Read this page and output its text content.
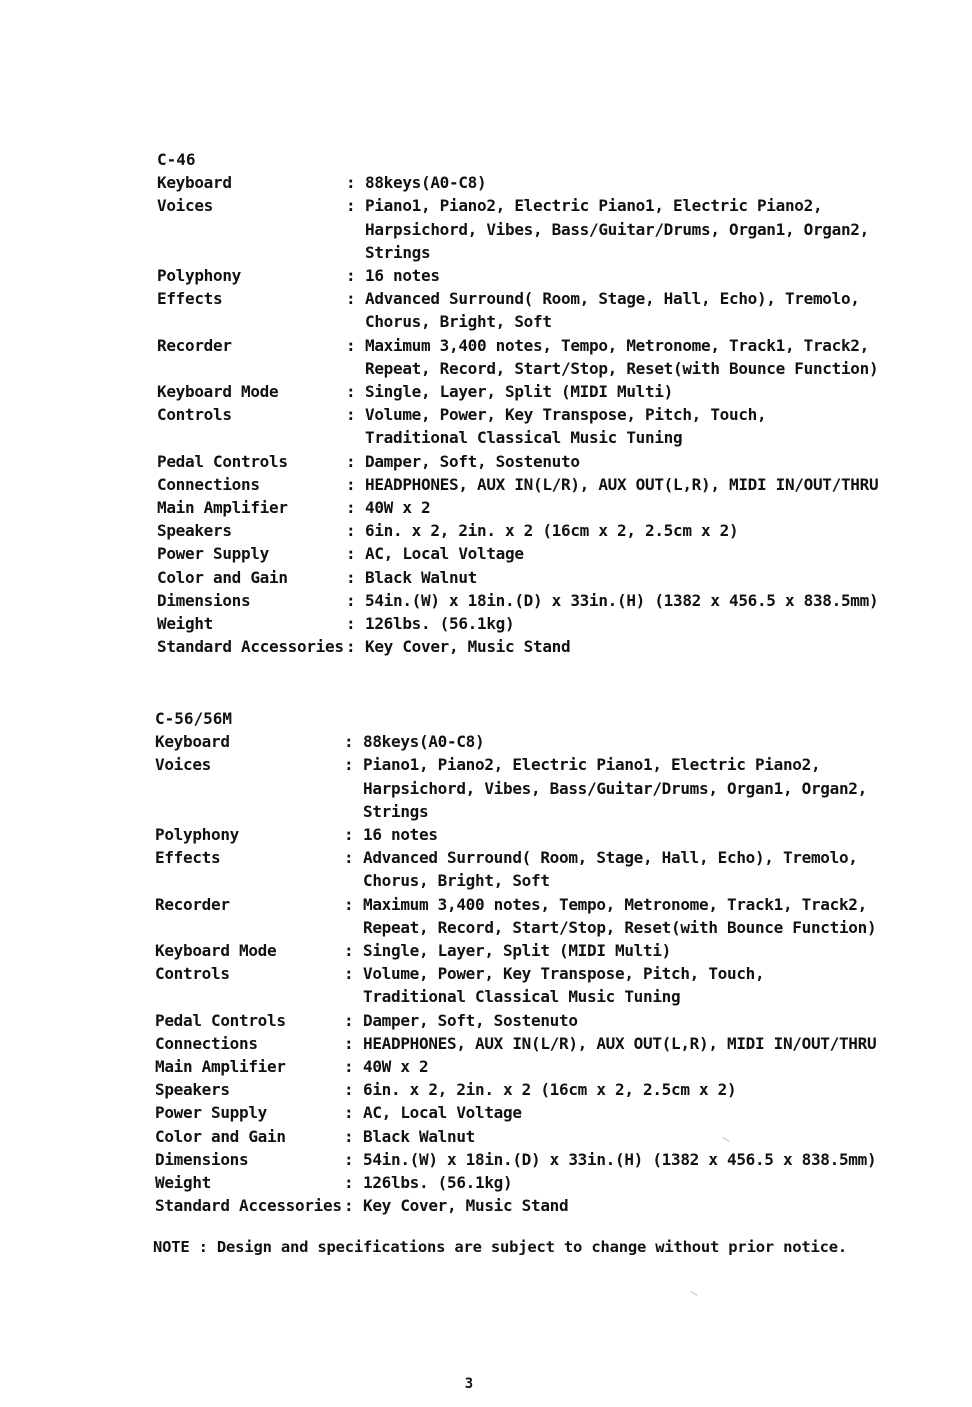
C-46
Keyboard	: 88keys(A0-C8)
Voices	: Piano1, Piano2, Electric Piano1, Electric Piano2,
Harpsichord, Vibes, Bass/Guitar/Drums, Organ1, Organ2,
Strings
Polyphony	: 16 notes
Effects	: Advanced Surround( Room, Stage, Hall, Echo), Tremolo,
Chorus, Bright, Soft
Recorder	: Maximum 3,400 notes, Tempo, Metronome, Track1, Track2,
Repeat, Record, Start/Stop, Reset(with Bounce Function)
Keyboard Mode	: Single, Layer, Split (MIDI Multi)
Controls	: Volume, Power, Key Transpose, Pitch, Touch,
Traditional Classical Music Tuning
Pedal Controls	: Damper, Soft, Sostenuto
Connections	: HEADPHONES, AUX IN(L/R), AUX OUT(L,R), MIDI IN/OUT/THRU
Main Amplifier	: 40W x 2
Speakers	: 6in. x 2, 2in. x 2 (16cm x 2, 2.5cm x 2)
Power Supply	: AC, Local Voltage
Color and Gain	: Black Walnut
Dimensions	: 54in.(W) x 18in.(D) x 33in.(H) (1382 x 456.5 x 838.5mm)
Weight	: 126lbs. (56.1kg)
Standard Accessories : Key Cover, Music Stand
C-56/56M
Keyboard	: 88keys(A0-C8)
Voices	: Piano1, Piano2, Electric Piano1, Electric Piano2,
Harpsichord, Vibes, Bass/Guitar/Drums, Organ1, Organ2,
Strings
Polyphony	: 16 notes
Effects	: Advanced Surround( Room, Stage, Hall, Echo), Tremolo,
Chorus, Bright, Soft
Recorder	: Maximum 3,400 notes, Tempo, Metronome, Track1, Track2,
Repeat, Record, Start/Stop, Reset(with Bounce Function)
Keyboard Mode	: Single, Layer, Split (MIDI Multi)
Controls	: Volume, Power, Key Transpose, Pitch, Touch,
Traditional Classical Music Tuning
Pedal Controls	: Damper, Soft, Sostenuto
Connections	: HEADPHONES, AUX IN(L/R), AUX OUT(L,R), MIDI IN/OUT/THRU
Main Amplifier	: 40W x 2
Speakers	: 6in. x 2, 2in. x 2 (16cm x 2, 2.5cm x 2)
Power Supply	: AC, Local Voltage
Color and Gain	: Black Walnut
Dimensions	: 54in.(W) x 18in.(D) x 33in.(H) (1382 x 456.5 x 838.5mm)
Weight	: 126lbs. (56.1kg)
Standard Accessories : Key Cover, Music Stand
NOTE : Design and specifications are subject to change without prior notice.
3
